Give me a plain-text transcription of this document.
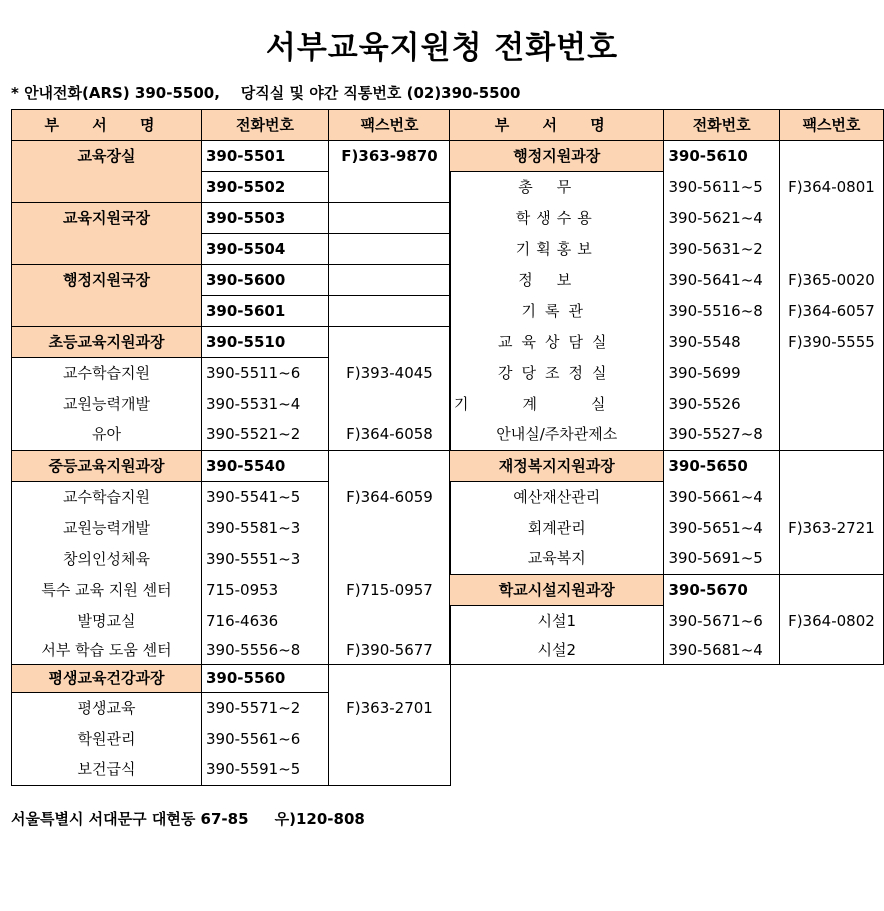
서부교육지원청 전화번호
* 안내전화(ARS) 390-5500,    당직실 및 야간 직통번호 (02)390-5500
부 서 명	전화번호	팩스번호
교육장실	390-5501	F)363-9870
	390-5502	
교육지원국장	390-5503	
	390-5504	
행정지원국장	390-5600	
	390-5601	
초등교육지원과장	390-5510	
교수학습지원	390-5511~6	F)393-4045
교원능력개발	390-5531~4	
유아	390-5521~2	F)364-6058
중등교육지원과장	390-5540	
교수학습지원	390-5541~5	F)364-6059
교원능력개발	390-5581~3	
창의인성체육	390-5551~3	
특수 교육 지원 센터	715-0953	F)715-0957
발명교실	716-4636	
서부 학습 도움 센터	390-5556~8	F)390-5677
평생교육건강과장	390-5560	
평생교육	390-5571~2	F)363-2701
학원관리	390-5561~6	
보건급식	390-5591~5	
부 서 명	전화번호	팩스번호
행정지원과장	390-5610	
총무	390-5611~5	F)364-0801
학생수용	390-5621~4	
기획홍보	390-5631~2	
정보	390-5641~4	F)365-0020
기록관	390-5516~8	F)364-6057
교육상담실	390-5548	F)390-5555
강당조정실	390-5699	
기계실	390-5526	
안내실/주차관제소	390-5527~8	
재정복지지원과장	390-5650	
예산재산관리	390-5661~4	
회계관리	390-5651~4	F)363-2721
교육복지	390-5691~5	
학교시설지원과장	390-5670	
시설1	390-5671~6	F)364-0802
시설2	390-5681~4	
서울특별시 서대문구 대현동 67-85     우)120-808
